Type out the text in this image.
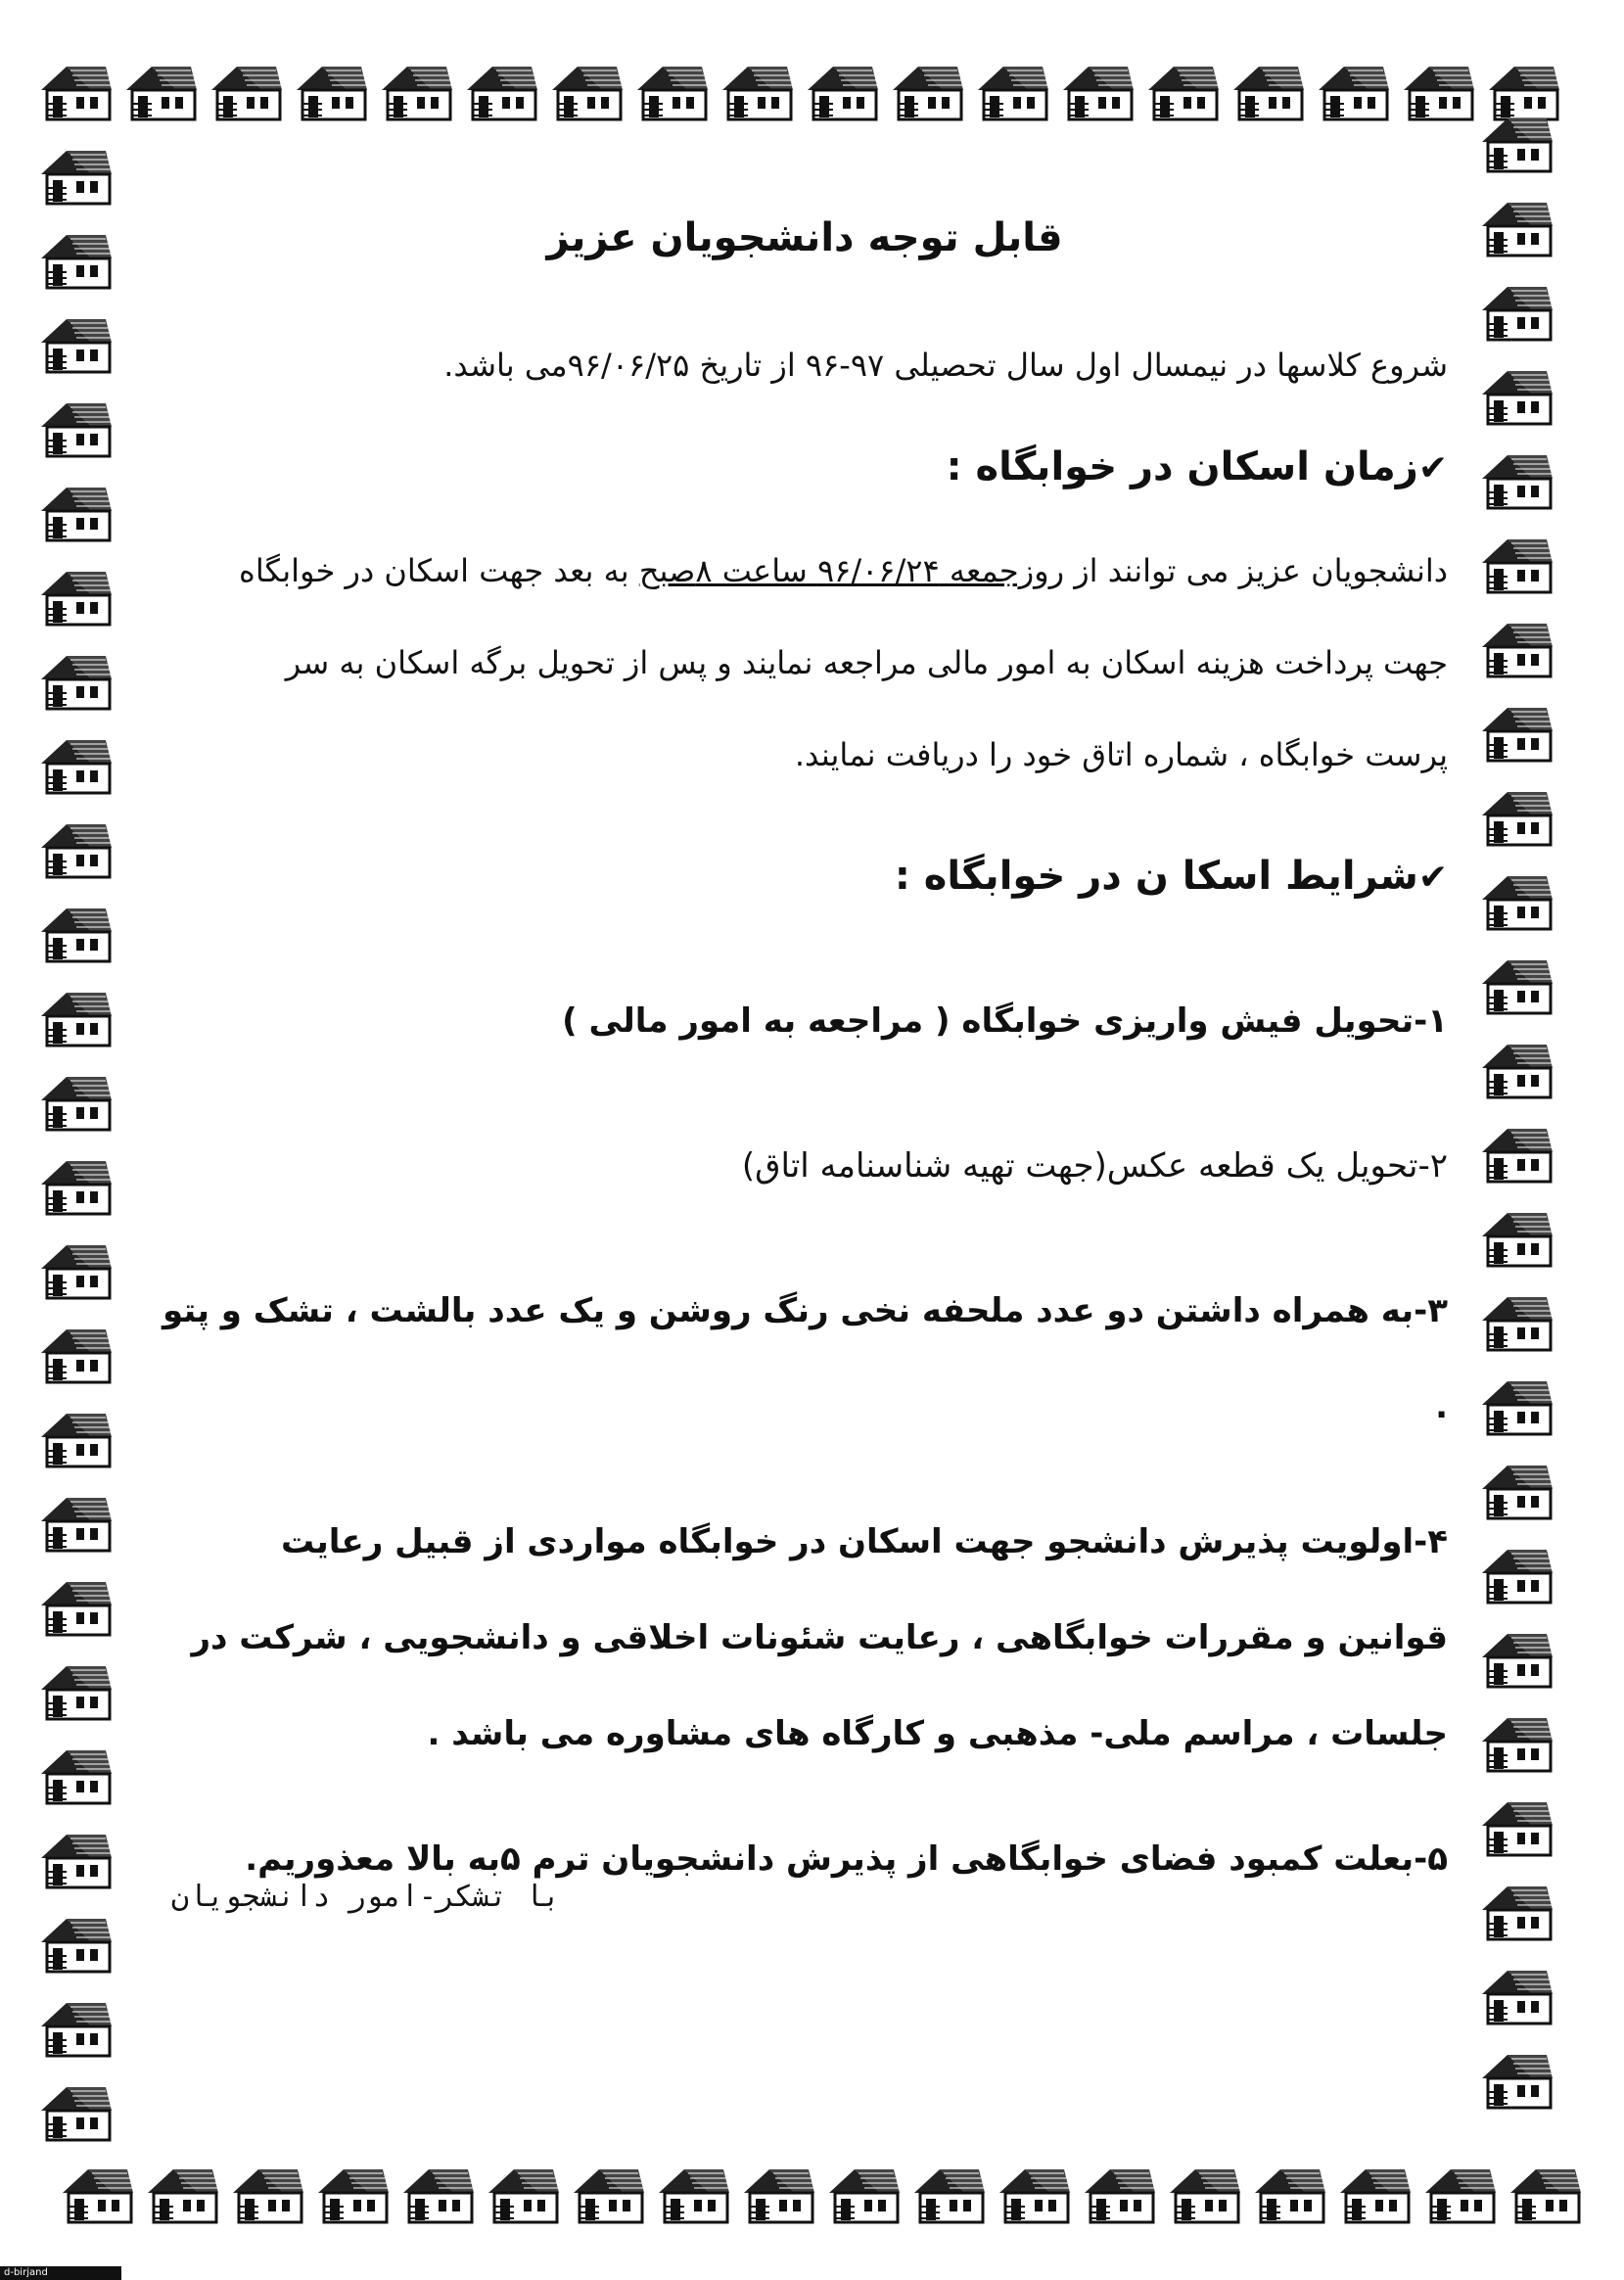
قابل توجه دانشجویان عزیز
شروع کلاسها در نیمسال اول سال تحصیلی ۹۷-۹۶ از تاریخ ۹۶/۰۶/۲۵می باشد.
✔زمان اسکان در خوابگاه :
دانشجویان عزیز می توانند از روزجمعه ۹۶/۰۶/۲۴ ساعت ۸صبح به بعد جهت اسکان در خوابگاه
جهت پرداخت هزینه اسکان به امور مالی مراجعه نمایند و پس از تحویل برگه اسکان به سر
پرست خوابگاه ، شماره اتاق خود را دریافت نمایند.
✔شرایط اسکا ن در خوابگاه :
۱-تحویل فیش واریزی خوابگاه ( مراجعه به امور مالی )
۲-تحویل یک قطعه عکس(جهت تهیه شناسنامه اتاق)
۳-به همراه داشتن دو عدد ملحفه نخی رنگ روشن و یک عدد بالشت ، تشک و پتو .
۴-اولویت پذیرش دانشجو جهت اسکان در خوابگاه مواردی از قبیل رعایت قوانین و مقررات خوابگاهی ، رعایت شئونات اخلاقی و دانشجویی ، شرکت در جلسات ، مراسم ملی- مذهبی و کارگاه های مشاوره می باشد .
۵-بعلت کمبود فضای خوابگاهی از پذیرش دانشجویان ترم ۵به بالا معذوریم.
با تشکر-امور دانشجویان
d-birjand
